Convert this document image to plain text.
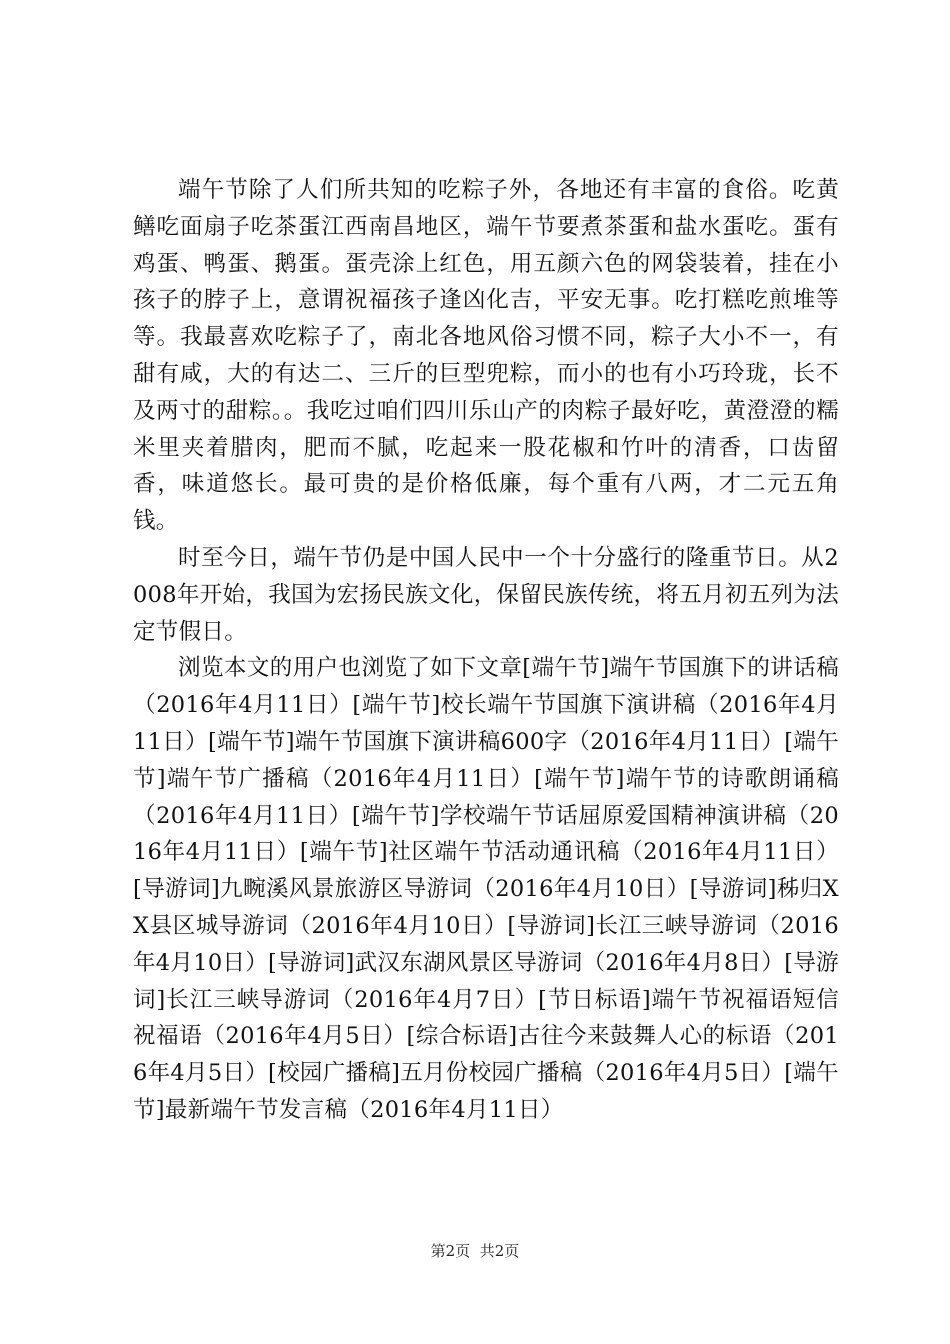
端午节除了人们所共知的吃粽子外，各地还有丰富的食俗。吃黄鳝吃面扇子吃茶蛋江西南昌地区，端午节要煮茶蛋和盐水蛋吃。蛋有鸡蛋、鸭蛋、鹅蛋。蛋壳涂上红色，用五颜六色的网袋装着，挂在小孩子的脖子上，意谓祝福孩子逢凶化吉，平安无事。吃打糕吃煎堆等等。我最喜欢吃粽子了，南北各地风俗习惯不同，粽子大小不一，有甜有咸，大的有达二、三斤的巨型兜粽，而小的也有小巧玲珑，长不及两寸的甜粽。。我吃过咱们四川乐山产的肉粽子最好吃，黄澄澄的糯米里夹着腊肉，肥而不腻，吃起来一股花椒和竹叶的清香，口齿留香，味道悠长。最可贵的是价格低廉，每个重有八两，才二元五角钱。

时至今日，端午节仍是中国人民中一个十分盛行的隆重节日。从2008年开始，我国为宏扬民族文化，保留民族传统，将五月初五列为法定节假日。

浏览本文的用户也浏览了如下文章[端午节]端午节国旗下的讲话稿（2016年4月11日）[端午节]校长端午节国旗下演讲稿（2016年4月11日）[端午节]端午节国旗下演讲稿600字（2016年4月11日）[端午节]端午节广播稿（2016年4月11日）[端午节]端午节的诗歌朗诵稿（2016年4月11日）[端午节]学校端午节话屈原爱国精神演讲稿（2016年4月11日）[端午节]社区端午节活动通讯稿（2016年4月11日）[导游词]九畹溪风景旅游区导游词（2016年4月10日）[导游词]秭归XX县区城导游词（2016年4月10日）[导游词]长江三峡导游词（2016年4月10日）[导游词]武汉东湖风景区导游词（2016年4月8日）[导游词]长江三峡导游词（2016年4月7日）[节日标语]端午节祝福语短信祝福语（2016年4月5日）[综合标语]古往今来鼓舞人心的标语（2016年4月5日）[校园广播稿]五月份校园广播稿（2016年4月5日）[端午节]最新端午节发言稿（2016年4月11日）

第2页 共2页
